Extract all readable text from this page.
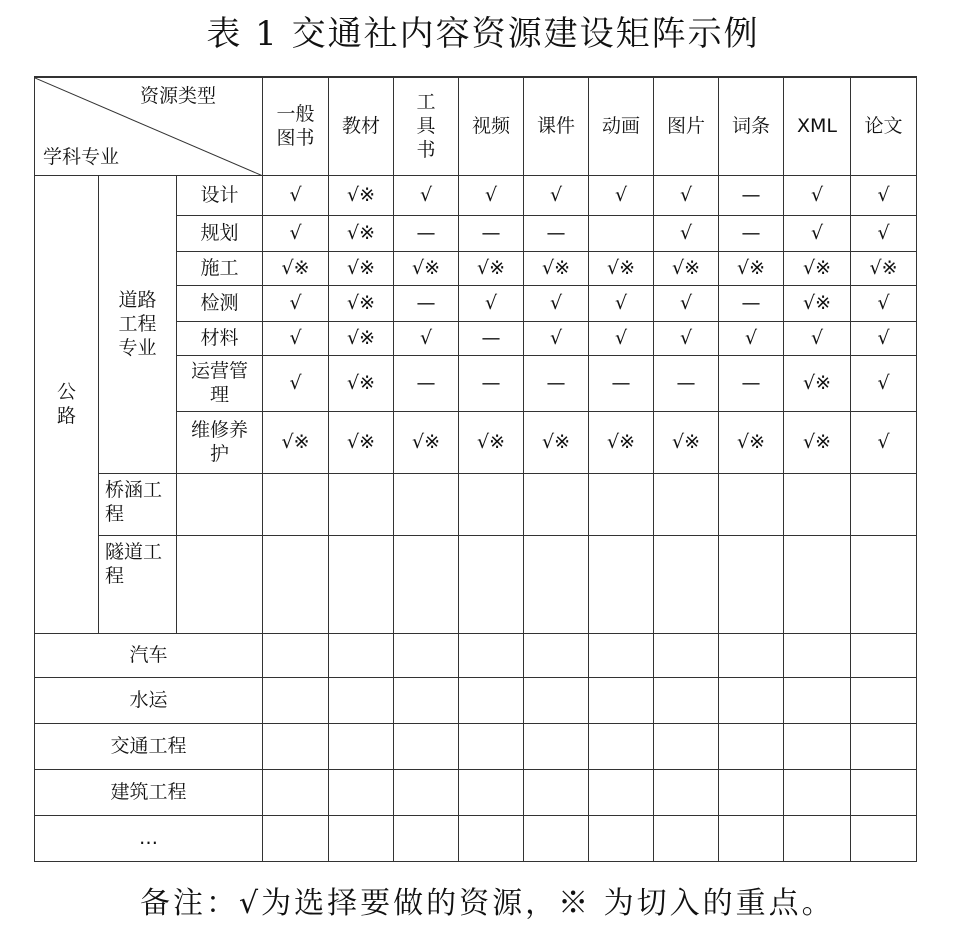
表 1 交通社内容资源建设矩阵示例
资源类型
学科专业			一般图书	教材	工具书	视频	课件	动画	图片	词条	XML	论文
公路	道路工程专业	设计	√	√※	√	√	√	√	√	—	√	√
		规划	√	√※	—	—	—		√	—	√	√
		施工	√※	√※	√※	√※	√※	√※	√※	√※	√※	√※
		检测	√	√※	—	√	√	√	√	—	√※	√
		材料	√	√※	√	—	√	√	√	√	√	√
		运营管理	√	√※	—	—	—	—	—	—	√※	√
		维修养护	√※	√※	√※	√※	√※	√※	√※	√※	√※	√
	桥涵工程											
	隧道工程											
汽车												
水运												
交通工程												
建筑工程												
…												
备注：√为选择要做的资源，※ 为切入的重点。
